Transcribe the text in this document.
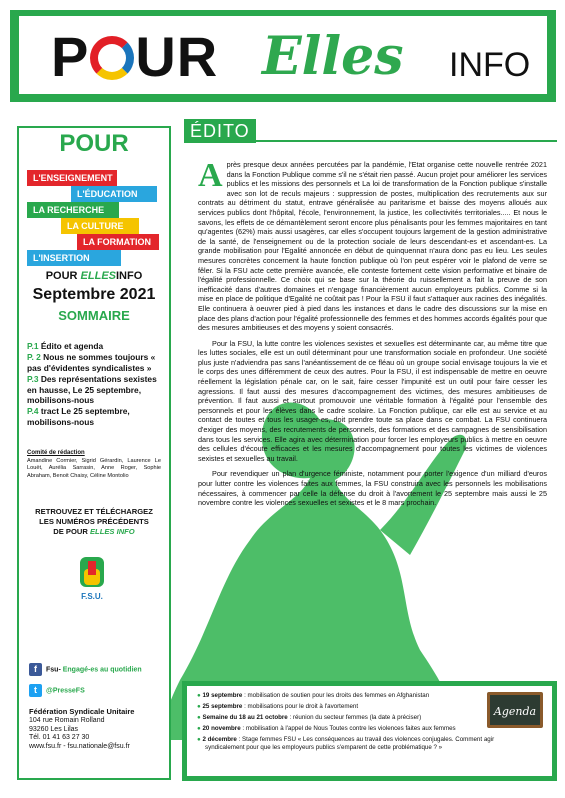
P UR Elles INFO
POUR
L'ENSEIGNEMENT
L'ÉDUCATION
LA RECHERCHE
LA CULTURE
LA FORMATION
L'INSERTION
POUR ELLESINFO
Septembre 2021
SOMMAIRE
P.1 Édito et agenda
P. 2 Nous ne sommes toujours « pas d'évidentes syndicalistes »
P.3 Des représentations sexistes en hausse, Le 25 septembre, mobilisons-nous
P.4 tract Le 25 septembre, mobilisons-nous
Comité de rédaction
Amandine Cormier, Sigrid Gérardin, Laurence Le Louët, Aurélia Sarrasin, Anne Roger, Sophie Abraham, Benoit Chaisy, Céline Montolio
RETROUVEZ ET TÉLÉCHARGEZ
LES NUMÉROS PRÉCÉDENTS
DE POUR ELLES INFO
F.S.U.
f Fsu- Engagé-es au quotidien
t @PresseFS
Fédération Syndicale Unitaire
104 rue Romain Rolland
93260 Les Lilas
Tél. 01 41 63 27 30
www.fsu.fr - fsu.nationale@fsu.fr
ÉDITO

Après presque deux années percutées par la pandémie, l'Etat organise cette nouvelle rentrée 2021 dans la Fonction Publique comme s'il ne s'était rien passé. Aucun projet pour améliorer les services publics et les missions des personnels et La loi de transformation de la Fonction publique s'installe avec son lot de reculs majeurs : suppression de postes, multiplication des recrutements aux sur contrats au détriment du statut, entrave généralisée au paritarisme et baisse des moyens alloués aux services publics dont l'hôpital, l'école, l'environnement, la justice, les collectivités territoriales..... Et nous le savons, les effets de ce démantèlement seront encore plus pénalisants pour les femmes majoritaires en tant qu'agentes (62%) mais aussi usagères, car elles s'occupent toujours largement de la gestion administrative de la santé, de l'enseignement ou de la protection sociale de leurs descendant-es et ascendant-es. La grande mobilisation pour l'Egalité annoncée en début de quinquennat n'aura donc pas eu lieu. Les seules mesures concrètes concernent la haute fonction publique où l'on peut espérer voir le plafond de verre se fêler. Si la FSU acte cette première avancée, elle conteste fortement cette vision performative et binaire de l'égalité professionnelle. Ce choix qui se base sur la théorie du ruissellement a fait la preuve de son inefficacité dans d'autres domaines et n'engage financièrement aucun employeurs publics. Comme si la mise en place de politique d'Egalité ne coûtait pas ! Pour la FSU il faut s'attaquer aux racines des inégalités. Elle continuera à oeuvrer pied à pied dans les instances et dans le cadre des discussions sur la mise en place des plans d'action pour l'égalité professionnelle des femmes et des hommes accords égalités pour que des mesures ambitieuses et des moyens y soient consacrés.

Pour la FSU, la lutte contre les violences sexistes et sexuelles est déterminante car, au même titre que les luttes sociales, elle est un outil déterminant pour une transformation sociale en profondeur. Une société plus juste n'adviendra pas sans l'anéantissement de ce fléau où un groupe social envisage toujours la vie et le corps des unes différemment de ceux des autres. Pour la FSU, il est indispensable de mettre en oeuvre réellement la législation pénale car, on le sait, faire cesser l'impunité est un outil pour faire cesser les agressions. Il faut aussi des mesures d'accompagnement des victimes, des mesures ambitieuses de prévention. Il faut aussi et surtout promouvoir une véritable formation à l'égalité pour l'ensemble des personnels et pour les élèves dans le cadre scolaire. La Fonction publique, car elle est au service et au contact de toutes et tous les usager-es, doit prendre toute sa place dans ce combat. La FSU continuera d'exiger des moyens, des recrutements de personnels, des formations et des campagnes de sensibilisation dans tous les services. Elle agira avec détermination pour forcer les employeurs publics à mettre en oeuvre des cellules d'écoute efficaces et les mesures d'accompagnement pour toutes les victimes de violences sexistes et sexuelles au travail.

Pour revendiquer un plan d'urgence féministe, notamment pour porter l'exigence d'un milliard d'euros pour lutter contre les violences faites aux femmes, la FSU construira avec les personnels les mobilisations nécessaires, à commencer par celle la défense du droit à l'avortement le 25 septembre mais aussi le 25 novembre contre les violences sexuelles et sexistes et le 8 mars prochain.

● 19 septembre : mobilisation de soutien pour les droits des femmes en Afghanistan
● 25 septembre : mobilisations pour le droit à l'avortement
● Semaine du 18 au 21 octobre : réunion du secteur femmes (la date à préciser)
● 20 novembre : mobilisation à l'appel de Nous Toutes contre les violences faites aux femmes
● 2 décembre : Stage femmes FSU « Les conséquences au travail des violences conjugales. Comment agir syndicalement pour que les employeurs publics s'emparent de cette problématique ? »
Agenda
